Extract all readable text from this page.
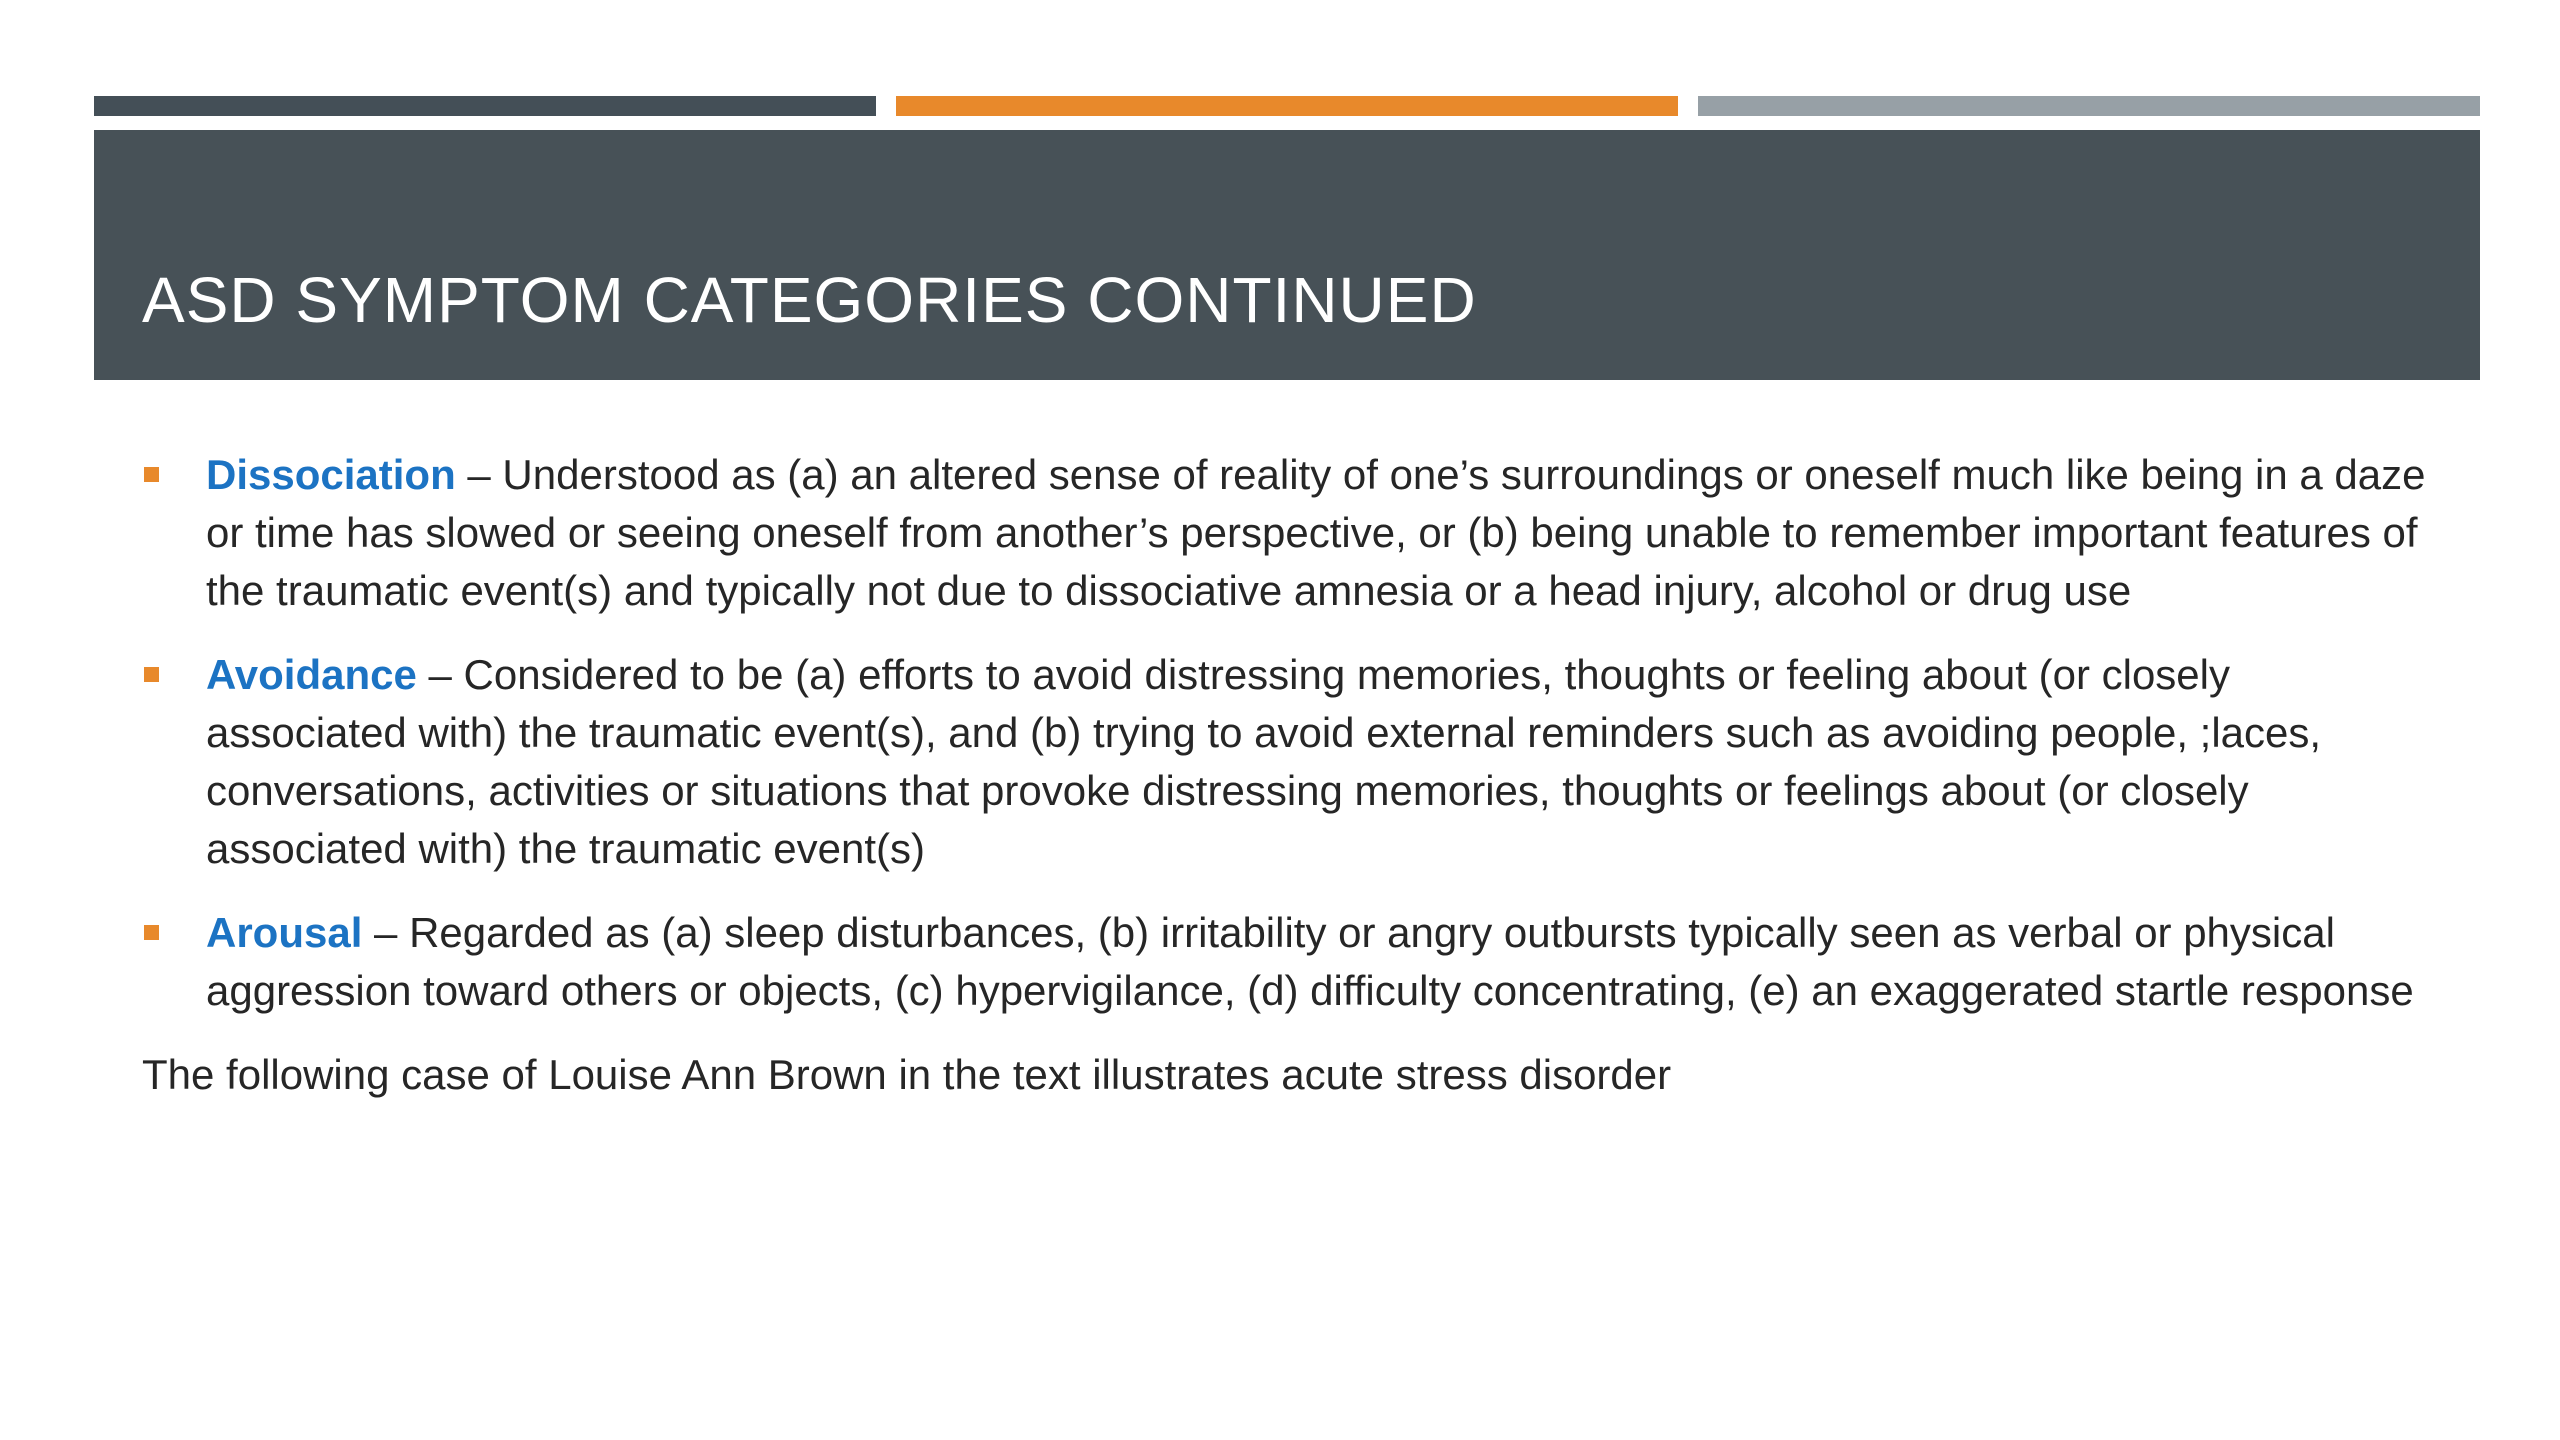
ASD SYMPTOM CATEGORIES CONTINUED
Dissociation – Understood as (a) an altered sense of reality of one’s surroundings or oneself much like being in a daze or time has slowed or seeing oneself from another’s perspective, or (b) being unable to remember important features of the traumatic event(s) and typically not due to dissociative amnesia or a head injury, alcohol or drug use
Avoidance – Considered to be (a) efforts to avoid distressing memories, thoughts or feeling about (or closely associated with) the traumatic event(s), and (b) trying to avoid external reminders such as avoiding people, ;laces, conversations, activities or situations that provoke distressing memories, thoughts or feelings about (or closely associated with) the traumatic event(s)
Arousal – Regarded as (a) sleep disturbances, (b) irritability or angry outbursts typically seen as verbal or physical aggression toward others or objects, (c) hypervigilance, (d) difficulty concentrating, (e) an exaggerated startle response
The following case of Louise Ann Brown in the text illustrates acute stress disorder
